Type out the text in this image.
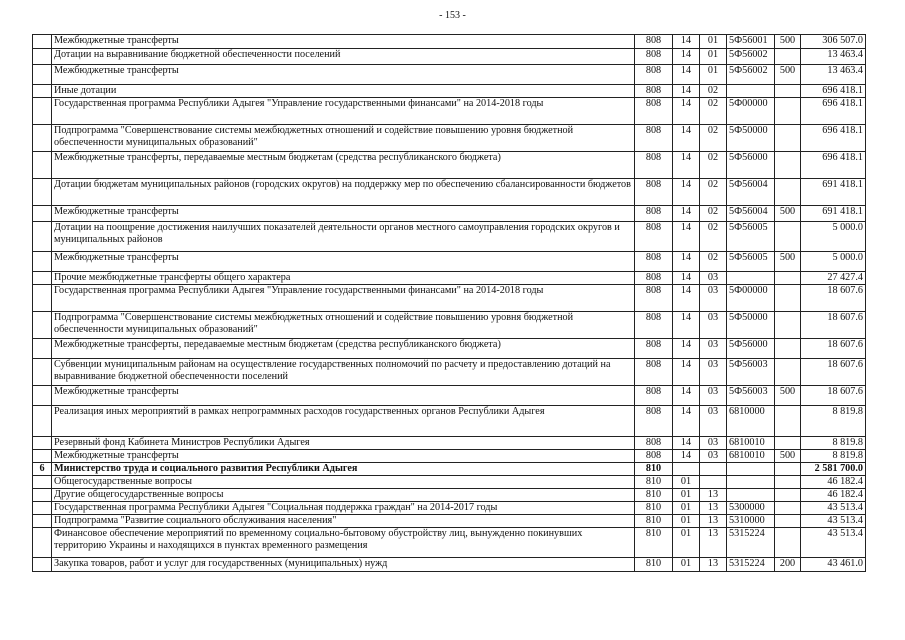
- 153 -
	Межбюджетные трансферты	808	14	01	5Ф56001	500	306 507.0
	Дотации на выравнивание бюджетной обеспеченности поселений	808	14	01	5Ф56002		13 463.4
	Межбюджетные трансферты	808	14	01	5Ф56002	500	13 463.4
	Иные дотации	808	14	02			696 418.1
	Государственная программа Республики Адыгея "Управление государственными финансами" на 2014-2018 годы	808	14	02	5Ф00000		696 418.1
	Подпрограмма "Совершенствование системы межбюджетных отношений и содействие повышению уровня бюджетной обеспеченности муниципальных образований"	808	14	02	5Ф50000		696 418.1
	Межбюджетные трансферты, передаваемые местным бюджетам (средства республиканского бюджета)	808	14	02	5Ф56000		696 418.1
	Дотации бюджетам муниципальных районов (городских округов) на поддержку мер по обеспечению сбалансированности бюджетов	808	14	02	5Ф56004		691 418.1
	Межбюджетные трансферты	808	14	02	5Ф56004	500	691 418.1
	Дотации на поощрение достижения наилучших показателей деятельности органов местного самоуправления городских округов и муниципальных районов	808	14	02	5Ф56005		5 000.0
	Межбюджетные трансферты	808	14	02	5Ф56005	500	5 000.0
	Прочие межбюджетные трансферты общего характера	808	14	03			27 427.4
	Государственная программа Республики Адыгея "Управление государственными финансами" на 2014-2018 годы	808	14	03	5Ф00000		18 607.6
	Подпрограмма "Совершенствование системы межбюджетных отношений и содействие повышению уровня бюджетной обеспеченности муниципальных образований"	808	14	03	5Ф50000		18 607.6
	Межбюджетные трансферты, передаваемые местным бюджетам (средства республиканского бюджета)	808	14	03	5Ф56000		18 607.6
	Субвенции муниципальным районам на осуществление государственных полномочий по расчету и предоставлению дотаций на выравнивание бюджетной обеспеченности поселений	808	14	03	5Ф56003		18 607.6
	Межбюджетные трансферты	808	14	03	5Ф56003	500	18 607.6
	Реализация иных мероприятий в рамках непрограммных расходов государственных органов Республики Адыгея	808	14	03	6810000		8 819.8
	Резервный фонд Кабинета Министров Республики Адыгея	808	14	03	6810010		8 819.8
	Межбюджетные трансферты	808	14	03	6810010	500	8 819.8
6	Министерство труда и социального развития Республики Адыгея	810					2 581 700.0
	Общегосударственные вопросы	810	01				46 182.4
	Другие общегосударственные вопросы	810	01	13			46 182.4
	Государственная программа Республики Адыгея "Социальная поддержка граждан" на 2014-2017 годы	810	01	13	5300000		43 513.4
	Подпрограмма "Развитие социального обслуживания населения"	810	01	13	5310000		43 513.4
	Финансовое обеспечение мероприятий по временному социально-бытовому обустройству лиц, вынужденно покинувших территорию Украины и находящихся в пунктах временного размещения	810	01	13	5315224		43 513.4
	Закупка товаров, работ и услуг для государственных (муниципальных) нужд	810	01	13	5315224	200	43 461.0
